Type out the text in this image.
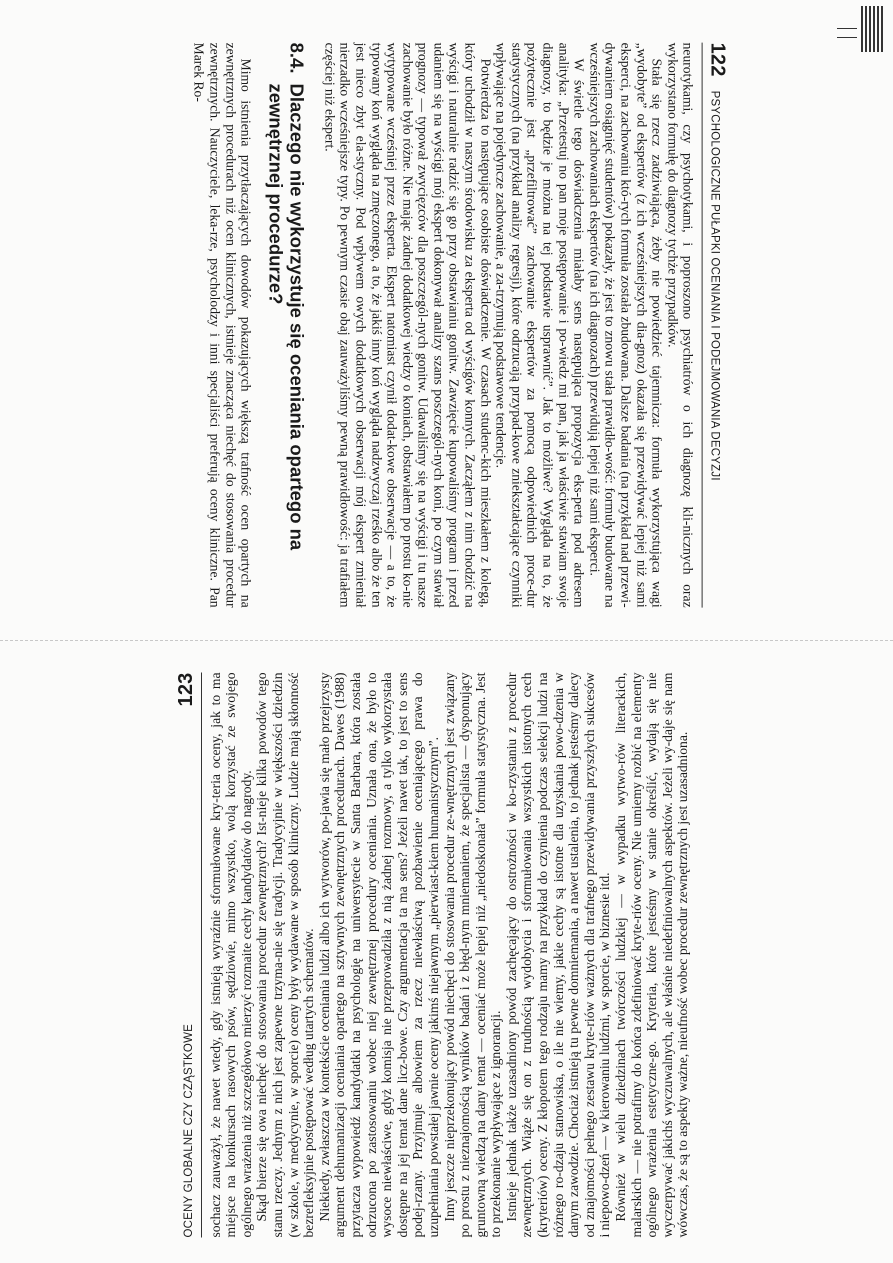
122
PSYCHOLOGICZNE PUŁAPKI OCENIANIA I PODEJMOWANIA DECYZJI

neurotykami, czy psychotykami, i poproszono psychiatrów o ich diagnozę kli-nicznych oraz wykorzystano formułę do diagnozy tychże przypadków.

Stała się rzecz zadziwiająca, żeby nie powiedzieć tajemnicza: formuła wykorzystująca wagi „wydobyte” od ekspertów (z ich wcześniejszych dia-gnoz) okazała się przewidywać lepiej niż sami eksperci, na zachowaniu któ-rych formuła została zbudowana. Dalsze badania (na przykład nad przewi-dywaniem osiągnięć studentów) pokazały, że jest to znowu stała prawidło-wość: formuły budowane na wcześniejszych zachowaniach ekspertów (na ich diagnozach) przewidują lepiej niż sami eksperci.

W świetle tego doświadczenia miałaby sens następująca propozycja eks-perta pod adresem analityka: „Przetestuj no pan moje postępowanie i po-wiedz mi pan, jak ja właściwie stawiam swoje diagnozy, to będzie je można na tej podstawie usprawnić”. Jak to możliwe? Wygląda na to, że pożytecznie jest „przefiltrować” zachowanie ekspertów za pomocą odpowiednich proce-dur statystycznych (na przykład analizy regresji), które odrzucają przypad-kowe zniekształcające czynniki wpływające na pojedyncze zachowanie, a za-trzymują podstawowe tendencje.

Potwierdza to następujące osobiste doświadczenie. W czasach studenc-kich mieszkałem z kolegą, który uchodził w naszym środowisku za eksperta od wyścigów konnych. Zacząłem z nim chodzić na wyścigi i naturalnie radzić się go przy obstawianiu gonitw. Zawzięcie kupowaliśmy program i przed udaniem się na wyścigi mój ekspert dokonywał analizy szans poszczegól-nych koni, po czym stawiał prognozy — typował zwycięzców dla poszczegól-nych gonitw. Udawaliśmy się na wyścigi i tu nasze zachowanie było różne. Nie mając żadnej dodatkowej wiedzy o koniach, obstawiałem po prostu ko-nie wytypowane wcześniej przez eksperta. Ekspert natomiast czynił dodat-kowe obserwacje — a to, że typowany koń wygląda na zmęczonego, a to, że jakiś inny koń wygląda nadzwyczaj rześko albo że ten jest nieco zbyt ela-styczny. Pod wpływem owych dodatkowych obserwacji mój ekspert zmieniał nierzadko wcześniejsze typy. Po pewnym czasie obaj zauważyliśmy pewną prawidłowość: ja trafiałem częściej niż ekspert.

8.4.
Dlaczego nie wykorzystuje się oceniania opartego na zewnętrznej procedurze?

Mimo istnienia przytłaczających dowodów pokazujących większą trafność ocen opartych na zewnętrznych procedurach niż ocen klinicznych, istnieje znacząca niechęć do stosowania procedur zewnętrznych. Nauczyciele, leka-rze, psycholodzy i inni specjaliści preferują oceny kliniczne. Pan Marek Ro-

OCENY GLOBALNE CZY CZĄSTKOWE
123 sochacz zauważył, że nawet wtedy, gdy istnieją wyraźnie sformułowane kry-teria oceny, jak to ma miejsce na konkursach rasowych psów, sędziowie, mimo wszystko, wolą korzystać ze swojego ogólnego wrażenia niż szczegółowo mierzyć rozmaite cechy kandydatów do nagrody. Skąd bierze się owa niechęć do stosowania procedur zewnętrznych? Ist-nieje kilka powodów tego stanu rzeczy. Jednym z nich jest zapewne trzyma-nie się tradycji. Tradycyjnie w większości dziedzin (w szkole, w medycynie, w sporcie) oceny były wydawane w sposób kliniczny. Ludzie mają skłonność bezrefleksyjnie postępować według utartych schematów. Niekiedy, zwłaszcza w kontekście oceniania ludzi albo ich wytworów, po-jawia się mało przejrzysty argument dehumanizacji oceniania opartego na sztywnych zewnętrznych procedurach. Dawes (1988) przytacza wypowiedź kandydatki na psychologię na uniwersytecie w Santa Barbara, która została odrzucona po zastosowaniu wobec niej zewnętrznej procedury oceniania. Uznała ona, że było to wysoce niewłaściwe, gdyż komisja nie przeprowadziła z nią żadnej rozmowy, a tylko wykorzystała dostępne na jej temat dane licz-bowe. Czy argumentacja ta ma sens? Jeżeli nawet tak, to jest to sens podej-rzany. Przyjmuje albowiem za rzecz niewłaściwą pozbawienie oceniającego prawa do uzupełniania powstałej jawnie oceny jakimś niejawnym „pierwiast-kiem humanistycznym”. Inny jeszcze nieprzekonujący powód niechęci do stosowania procedur ze-wnętrznych jest związany po prostu z nieznajomością wyników badań i z błęd-nym mniemaniem, że specjalista — dysponujący gruntowną wiedzą na dany temat — oceniać może lepiej niż „niedoskonała” formuła statystyczna. Jest to przekonanie wypływające z ignorancji. Istnieje jednak także uzasadniony powód zachęcający do ostrożności w ko-rzystaniu z procedur zewnętrznych. Wiąże się on z trudnością wydobycia i sformułowania wszystkich istotnych cech (kryteriów) oceny. Z kłopotem tego rodzaju mamy na przykład do czynienia podczas selekcji ludzi na różnego ro-dzaju stanowiska, o ile nie wiemy, jakie cechy są istotne dla uzyskania powo-dzenia w danym zawodzie. Chociaż istnieją tu pewne domniemania, a nawet ustalenia, to jednak jesteśmy dalecy od znajomości pełnego zestawu kryte-riów ważnych dla trafnego przewidywania przyszłych sukcesów i niepowo-dzeń — w kierowaniu ludźmi, w sporcie, w biznesie itd. Również w wielu dziedzinach twórczości ludzkiej — w wypadku wytwo-rów literackich, malarskich — nie potrafimy do końca zdefiniować kryte-riów oceny. Nie umiemy rozbić na elementy ogólnego wrażenia estetyczne-go. Kryteria, które jesteśmy w stanie określić, wydają się nie wyczerpywać jakichś wyczuwalnych, ale właśnie niedefiniowalnych aspektów. Jeżeli wy-daje się nam wówczas, że są to aspekty ważne, nieufność wobec procedur zewnętrznych jest uzasadniona.
